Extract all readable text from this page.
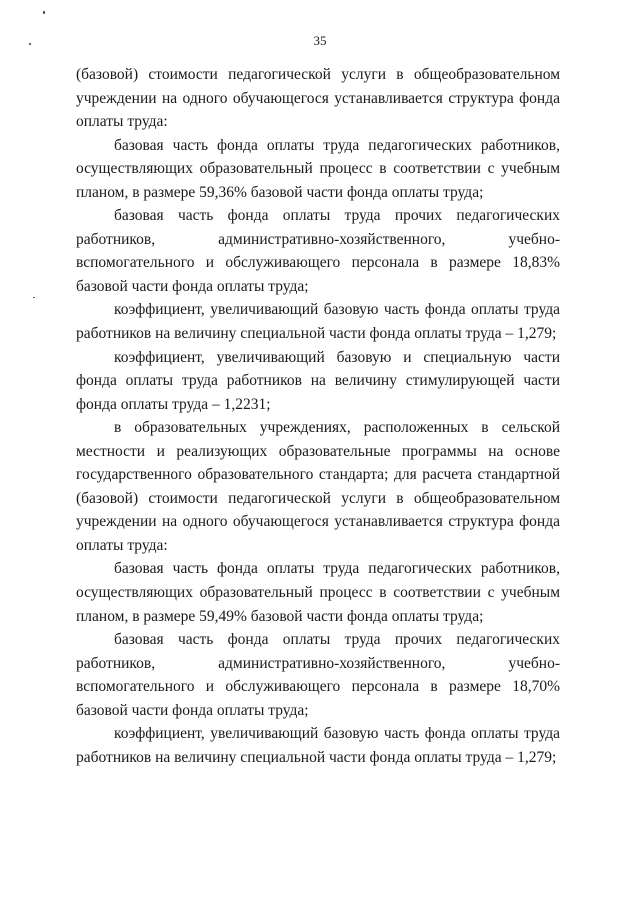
35

(базовой) стоимости педагогической услуги в общеобразовательном учреждении на одного обучающегося устанавливается структура фонда оплаты труда:

базовая часть фонда оплаты труда педагогических работников, осуществляющих образовательный процесс в соответствии с учебным планом, в размере 59,36% базовой части фонда оплаты труда;

базовая часть фонда оплаты труда прочих педагогических работников, административно-хозяйственного, учебно-вспомогательного и обслуживающего персонала в размере 18,83% базовой части фонда оплаты труда;

коэффициент, увеличивающий базовую часть фонда оплаты труда работников на величину специальной части фонда оплаты труда – 1,279;

коэффициент, увеличивающий базовую и специальную части фонда оплаты труда работников на величину стимулирующей части фонда оплаты труда – 1,2231;

в образовательных учреждениях, расположенных в сельской местности и реализующих образовательные программы на основе государственного образовательного стандарта; для расчета стандартной (базовой) стоимости педагогической услуги в общеобразовательном учреждении на одного обучающегося устанавливается структура фонда оплаты труда:

базовая часть фонда оплаты труда педагогических работников, осуществляющих образовательный процесс в соответствии с учебным планом, в размере 59,49% базовой части фонда оплаты труда;

базовая часть фонда оплаты труда прочих педагогических работников, административно-хозяйственного, учебно-вспомогательного и обслуживающего персонала в размере 18,70% базовой части фонда оплаты труда;

коэффициент, увеличивающий базовую часть фонда оплаты труда работников на величину специальной части фонда оплаты труда – 1,279;
